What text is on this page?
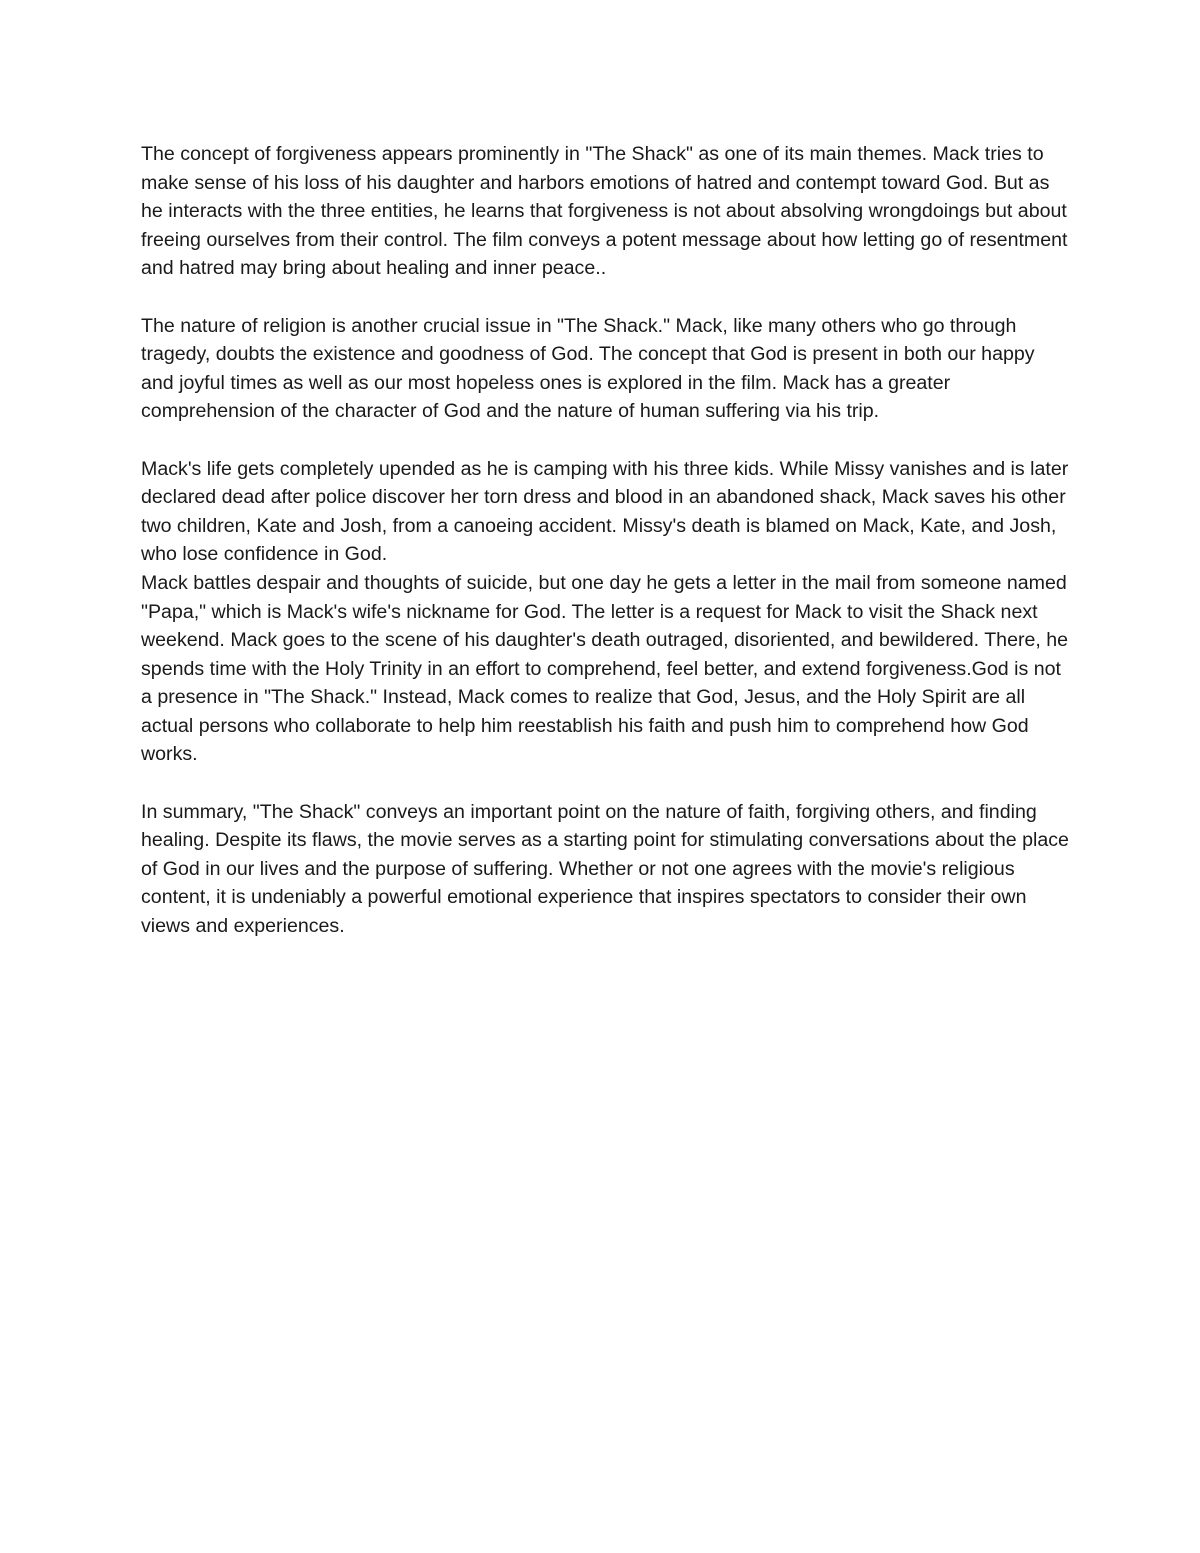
The concept of forgiveness appears prominently in "The Shack" as one of its main themes. Mack tries to make sense of his loss of his daughter and harbors emotions of hatred and contempt toward God. But as he interacts with the three entities, he learns that forgiveness is not about absolving wrongdoings but about freeing ourselves from their control. The film conveys a potent message about how letting go of resentment and hatred may bring about healing and inner peace..

The nature of religion is another crucial issue in "The Shack." Mack, like many others who go through tragedy, doubts the existence and goodness of God. The concept that God is present in both our happy and joyful times as well as our most hopeless ones is explored in the film. Mack has a greater comprehension of the character of God and the nature of human suffering via his trip.

Mack's life gets completely upended as he is camping with his three kids. While Missy vanishes and is later declared dead after police discover her torn dress and blood in an abandoned shack, Mack saves his other two children, Kate and Josh, from a canoeing accident. Missy's death is blamed on Mack, Kate, and Josh, who lose confidence in God.

Mack battles despair and thoughts of suicide, but one day he gets a letter in the mail from someone named "Papa," which is Mack's wife's nickname for God. The letter is a request for Mack to visit the Shack next weekend. Mack goes to the scene of his daughter's death outraged, disoriented, and bewildered. There, he spends time with the Holy Trinity in an effort to comprehend, feel better, and extend forgiveness.God is not a presence in "The Shack." Instead, Mack comes to realize that God, Jesus, and the Holy Spirit are all actual persons who collaborate to help him reestablish his faith and push him to comprehend how God works.

In summary, "The Shack" conveys an important point on the nature of faith, forgiving others, and finding healing. Despite its flaws, the movie serves as a starting point for stimulating conversations about the place of God in our lives and the purpose of suffering. Whether or not one agrees with the movie's religious content, it is undeniably a powerful emotional experience that inspires spectators to consider their own views and experiences.
